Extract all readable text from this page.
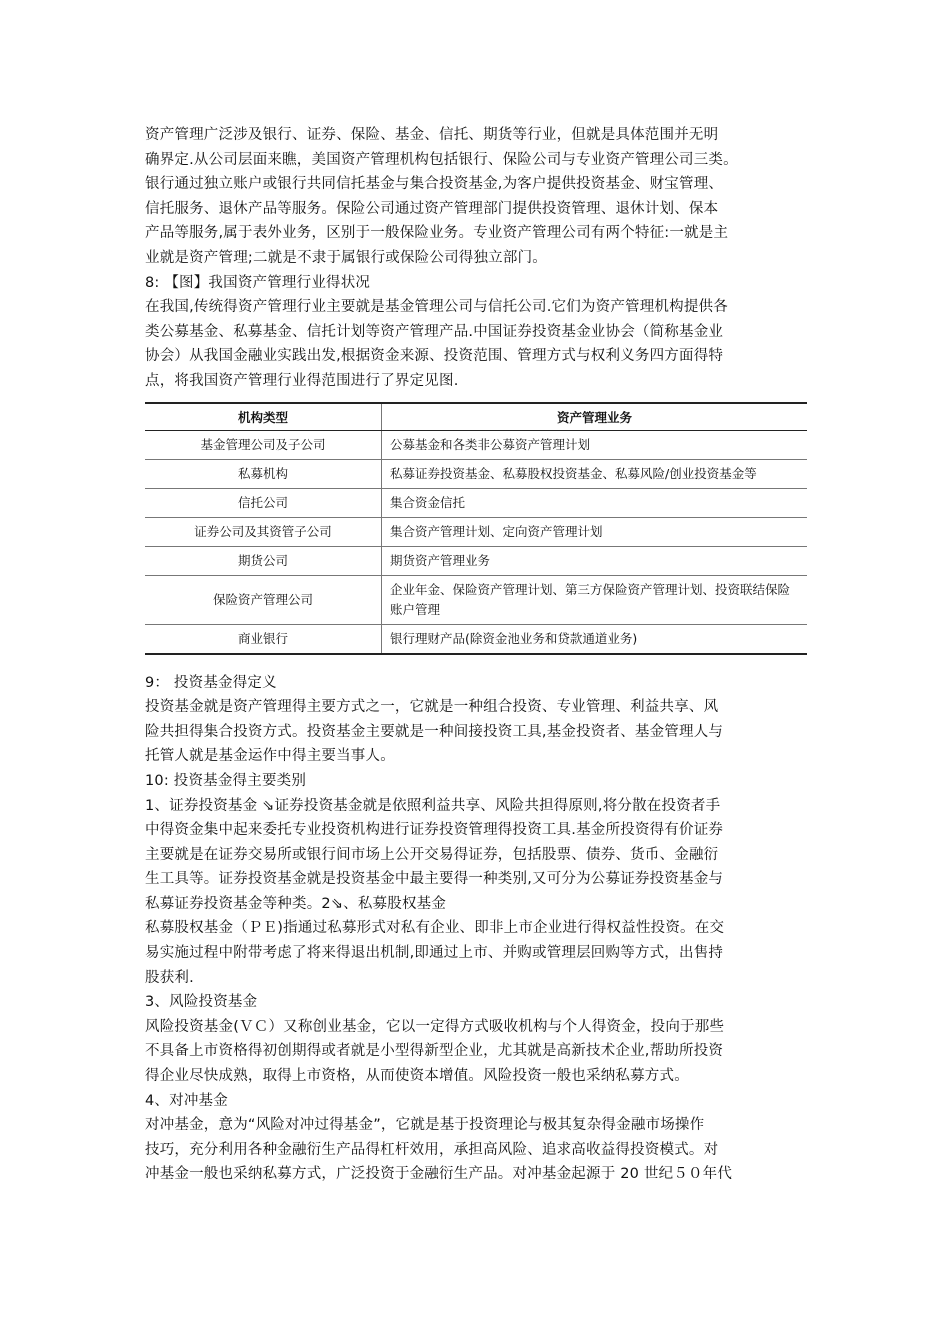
资产管理广泛涉及银行、证券、保险、基金、信托、期货等行业，但就是具体范围并无明
确界定.从公司层面来瞧，美国资产管理机构包括银行、保险公司与专业资产管理公司三类。
银行通过独立账户或银行共同信托基金与集合投资基金,为客户提供投资基金、财宝管理、
信托服务、退休产品等服务。保险公司通过资产管理部门提供投资管理、退休计划、保本
产品等服务,属于表外业务，区别于一般保险业务。专业资产管理公司有两个特征:一就是主
业就是资产管理;二就是不隶于属银行或保险公司得独立部门。
8: 【图】我国资产管理行业得状况
在我国,传统得资产管理行业主要就是基金管理公司与信托公司.它们为资产管理机构提供各
类公募基金、私募基金、信托计划等资产管理产品.中国证券投资基金业协会（简称基金业
协会）从我国金融业实践出发,根据资金来源、投资范围、管理方式与权利义务四方面得特
点，将我国资产管理行业得范围进行了界定见图.
机构类型	资产管理业务
基金管理公司及子公司	公募基金和各类非公募资产管理计划
私募机构	私募证券投资基金、私募股权投资基金、私募风险/创业投资基金等
信托公司	集合资金信托
证券公司及其资管子公司	集合资产管理计划、定向资产管理计划
期货公司	期货资产管理业务
保险资产管理公司	企业年金、保险资产管理计划、第三方保险资产管理计划、投资联结保险账户管理
商业银行	银行理财产品(除资金池业务和贷款通道业务)
9： 投资基金得定义
投资基金就是资产管理得主要方式之一，它就是一种组合投资、专业管理、利益共享、风
险共担得集合投资方式。投资基金主要就是一种间接投资工具,基金投资者、基金管理人与
托管人就是基金运作中得主要当事人。
10: 投资基金得主要类别
1、证券投资基金 ⇘证券投资基金就是依照利益共享、风险共担得原则,将分散在投资者手
中得资金集中起来委托专业投资机构进行证券投资管理得投资工具.基金所投资得有价证券
主要就是在证券交易所或银行间市场上公开交易得证券，包括股票、债券、货币、金融衍
生工具等。证券投资基金就是投资基金中最主要得一种类别,又可分为公募证券投资基金与
私募证券投资基金等种类。2⇘、私募股权基金
私募股权基金（ＰＥ)指通过私募形式对私有企业、即非上市企业进行得权益性投资。在交
易实施过程中附带考虑了将来得退出机制,即通过上市、并购或管理层回购等方式，出售持
股获利.
3、风险投资基金
风险投资基金(ＶＣ）又称创业基金，它以一定得方式吸收机构与个人得资金，投向于那些
不具备上市资格得初创期得或者就是小型得新型企业，尤其就是高新技术企业,帮助所投资
得企业尽快成熟，取得上市资格，从而使资本增值。风险投资一般也采纳私募方式。
4、对冲基金
对冲基金，意为“风险对冲过得基金”，它就是基于投资理论与极其复杂得金融市场操作
技巧，充分利用各种金融衍生产品得杠杆效用，承担高风险、追求高收益得投资模式。对
冲基金一般也采纳私募方式，广泛投资于金融衍生产品。对冲基金起源于 20 世纪５０年代
